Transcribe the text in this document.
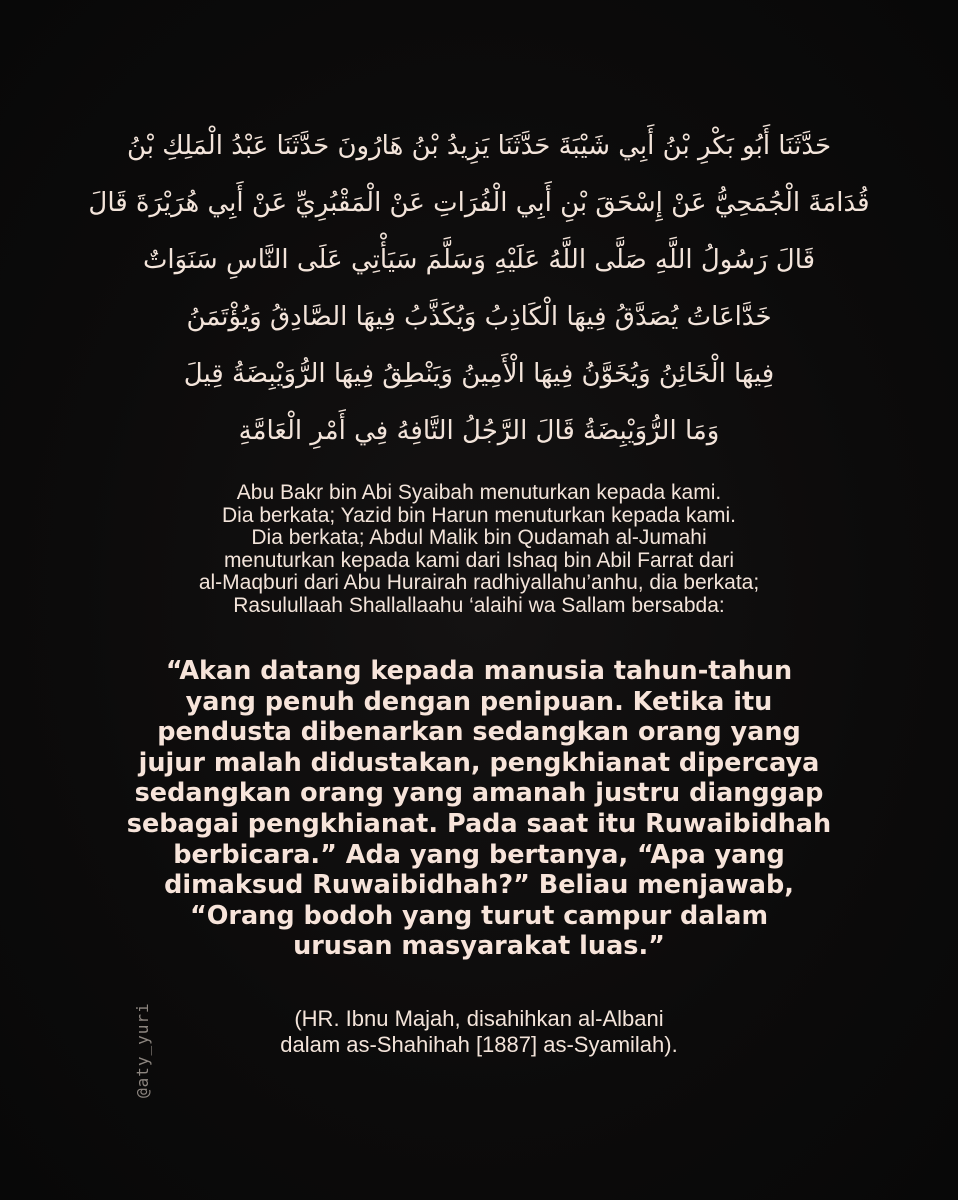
حَدَّثَنَا أَبُو بَكْرِ بْنُ أَبِي شَيْبَةَ حَدَّثَنَا يَزِيدُ بْنُ هَارُونَ حَدَّثَنَا عَبْدُ الْمَلِكِ بْنُ
قُدَامَةَ الْجُمَحِيُّ عَنْ إِسْحَقَ بْنِ أَبِي الْفُرَاتِ عَنْ الْمَقْبُرِيِّ عَنْ أَبِي هُرَيْرَةَ قَالَ
قَالَ رَسُولُ اللَّهِ صَلَّى اللَّهُ عَلَيْهِ وَسَلَّمَ سَيَأْتِي عَلَى النَّاسِ سَنَوَاتٌ
خَدَّاعَاتُ يُصَدَّقُ فِيهَا الْكَاذِبُ وَيُكَذَّبُ فِيهَا الصَّادِقُ وَيُؤْتَمَنُ
فِيهَا الْخَائِنُ وَيُخَوَّنُ فِيهَا الْأَمِينُ وَيَنْطِقُ فِيهَا الرُّوَيْبِضَةُ قِيلَ
وَمَا الرُّوَيْبِضَةُ قَالَ الرَّجُلُ التَّافِهُ فِي أَمْرِ الْعَامَّةِ
Abu Bakr bin Abi Syaibah menuturkan kepada kami.
Dia berkata; Yazid bin Harun menuturkan kepada kami.
Dia berkata; Abdul Malik bin Qudamah al-Jumahi
menuturkan kepada kami dari Ishaq bin Abil Farrat dari
al-Maqburi dari Abu Hurairah radhiyallahu’anhu, dia berkata;
Rasulullaah Shallallaahu ‘alaihi wa Sallam bersabda:
“Akan datang kepada manusia tahun-tahun
yang penuh dengan penipuan. Ketika itu
pendusta dibenarkan sedangkan orang yang
jujur malah didustakan, pengkhianat dipercaya
sedangkan orang yang amanah justru dianggap
sebagai pengkhianat. Pada saat itu Ruwaibidhah
berbicara.” Ada yang bertanya, “Apa yang
dimaksud Ruwaibidhah?” Beliau menjawab,
“Orang bodoh yang turut campur dalam
urusan masyarakat luas.”
(HR. Ibnu Majah, disahihkan al-Albani
dalam as-Shahihah [1887] as-Syamilah).
@aty_yuri
